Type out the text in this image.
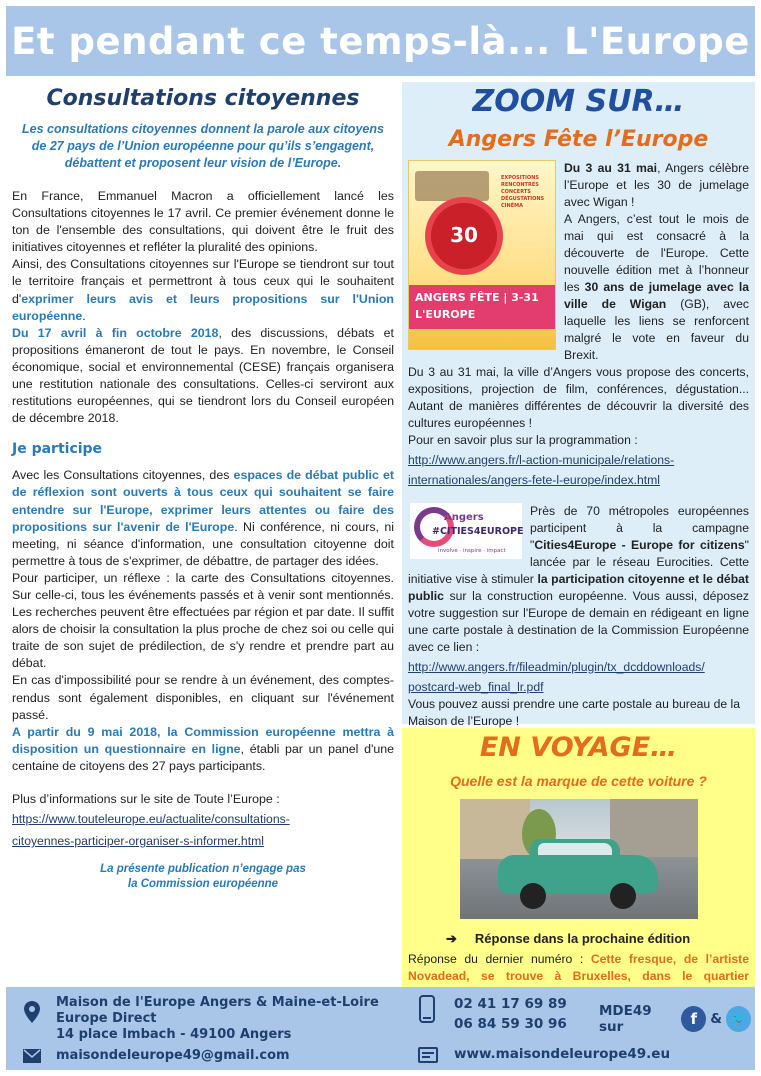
Et pendant ce temps-là... L'Europe
Consultations citoyennes
Les consultations citoyennes donnent la parole aux citoyens de 27 pays de l’Union européenne pour qu’ils s’engagent, débattent et proposent leur vision de l’Europe.
En France, Emmanuel Macron a officiellement lancé les Consultations citoyennes le 17 avril. Ce premier événement donne le ton de l'ensemble des consultations, qui doivent être le fruit des initiatives citoyennes et refléter la pluralité des opinions.
Ainsi, des Consultations citoyennes sur l'Europe se tiendront sur tout le territoire français et permettront à tous ceux qui le souhaitent d'exprimer leurs avis et leurs propositions sur l'Union européenne.
Du 17 avril à fin octobre 2018, des discussions, débats et propositions émaneront de tout le pays. En novembre, le Conseil économique, social et environnemental (CESE) français organisera une restitution nationale des consultations. Celles-ci serviront aux restitutions européennes, qui se tiendront lors du Conseil européen de décembre 2018.
Je participe
Avec les Consultations citoyennes, des espaces de débat public et de réflexion sont ouverts à tous ceux qui souhaitent se faire entendre sur l'Europe, exprimer leurs attentes ou faire des propositions sur l'avenir de l'Europe. Ni conférence, ni cours, ni meeting, ni séance d'information, une consultation citoyenne doit permettre à tous de s'exprimer, de débattre, de partager des idées.
Pour participer, un réflexe : la carte des Consultations citoyennes. Sur celle-ci, tous les événements passés et à venir sont mentionnés. Les recherches peuvent être effectuées par région et par date. Il suffit alors de choisir la consultation la plus proche de chez soi ou celle qui traite de son sujet de prédilection, de s'y rendre et prendre part au débat.
En cas d'impossibilité pour se rendre à un événement, des comptes-rendus sont également disponibles, en cliquant sur l'événement passé.
A partir du 9 mai 2018, la Commission européenne mettra à disposition un questionnaire en ligne, établi par un panel d'une centaine de citoyens des 27 pays participants.
Plus d’informations sur le site de Toute l’Europe :
https://www.touteleurope.eu/actualite/consultations-
citoyennes-participer-organiser-s-informer.html
La présente publication n’engage pas
la Commission européenne
ZOOM SUR…
Angers Fête l’Europe
EXPOSITIONS RENCONTRES CONCERTS DÉGUSTATIONS CINÉMA
30
ANGERS FÊTE | 3-31
L'EUROPE
Du 3 au 31 mai, Angers célèbre l’Europe et les 30 de jumelage avec Wigan !
A Angers, c’est tout le mois de mai qui est consacré à la découverte de l'Europe. Cette nouvelle édition met à l’honneur les 30 ans de jumelage avec la ville de Wigan (GB), avec laquelle les liens se renforcent malgré le vote en faveur du Brexit.
Du 3 au 31 mai, la ville d’Angers vous propose des concerts, expositions, projection de film, conférences, dégustation... Autant de manières différentes de découvrir la diversité des cultures européennes !
Pour en savoir plus sur la programmation :
http://www.angers.fr/l-action-municipale/relations-
internationales/angers-fete-l-europe/index.html
Angers
#CITIES4EUROPE
involve · inspire · impact
Près de 70 métropoles européennes participent à la campagne "Cities4Europe - Europe for citizens" lancée par le réseau Eurocities. Cette initiative vise à stimuler la participation citoyenne et le débat public sur la construction européenne. Vous aussi, déposez votre suggestion sur l'Europe de demain en rédigeant en ligne une carte postale à destination de la Commission Européenne avec ce lien :
http://www.angers.fr/fileadmin/plugin/tx_dcddownloads/
postcard-web_final_lr.pdf
Vous pouvez aussi prendre une carte postale au bureau de la Maison de l’Europe !
EN VOYAGE…
Quelle est la marque de cette voiture ?
➔ Réponse dans la prochaine édition
Réponse du dernier numéro : Cette fresque, de l’artiste Novadead, se trouve à Bruxelles, dans le quartier
Maison de l'Europe Angers & Maine-et-Loire
Europe Direct
14 place Imbach - 49100 Angers
maisondeleurope49@gmail.com
02 41 17 69 89
06 84 59 30 96
MDE49 sur	f & 🐦
www.maisondeleurope49.eu
